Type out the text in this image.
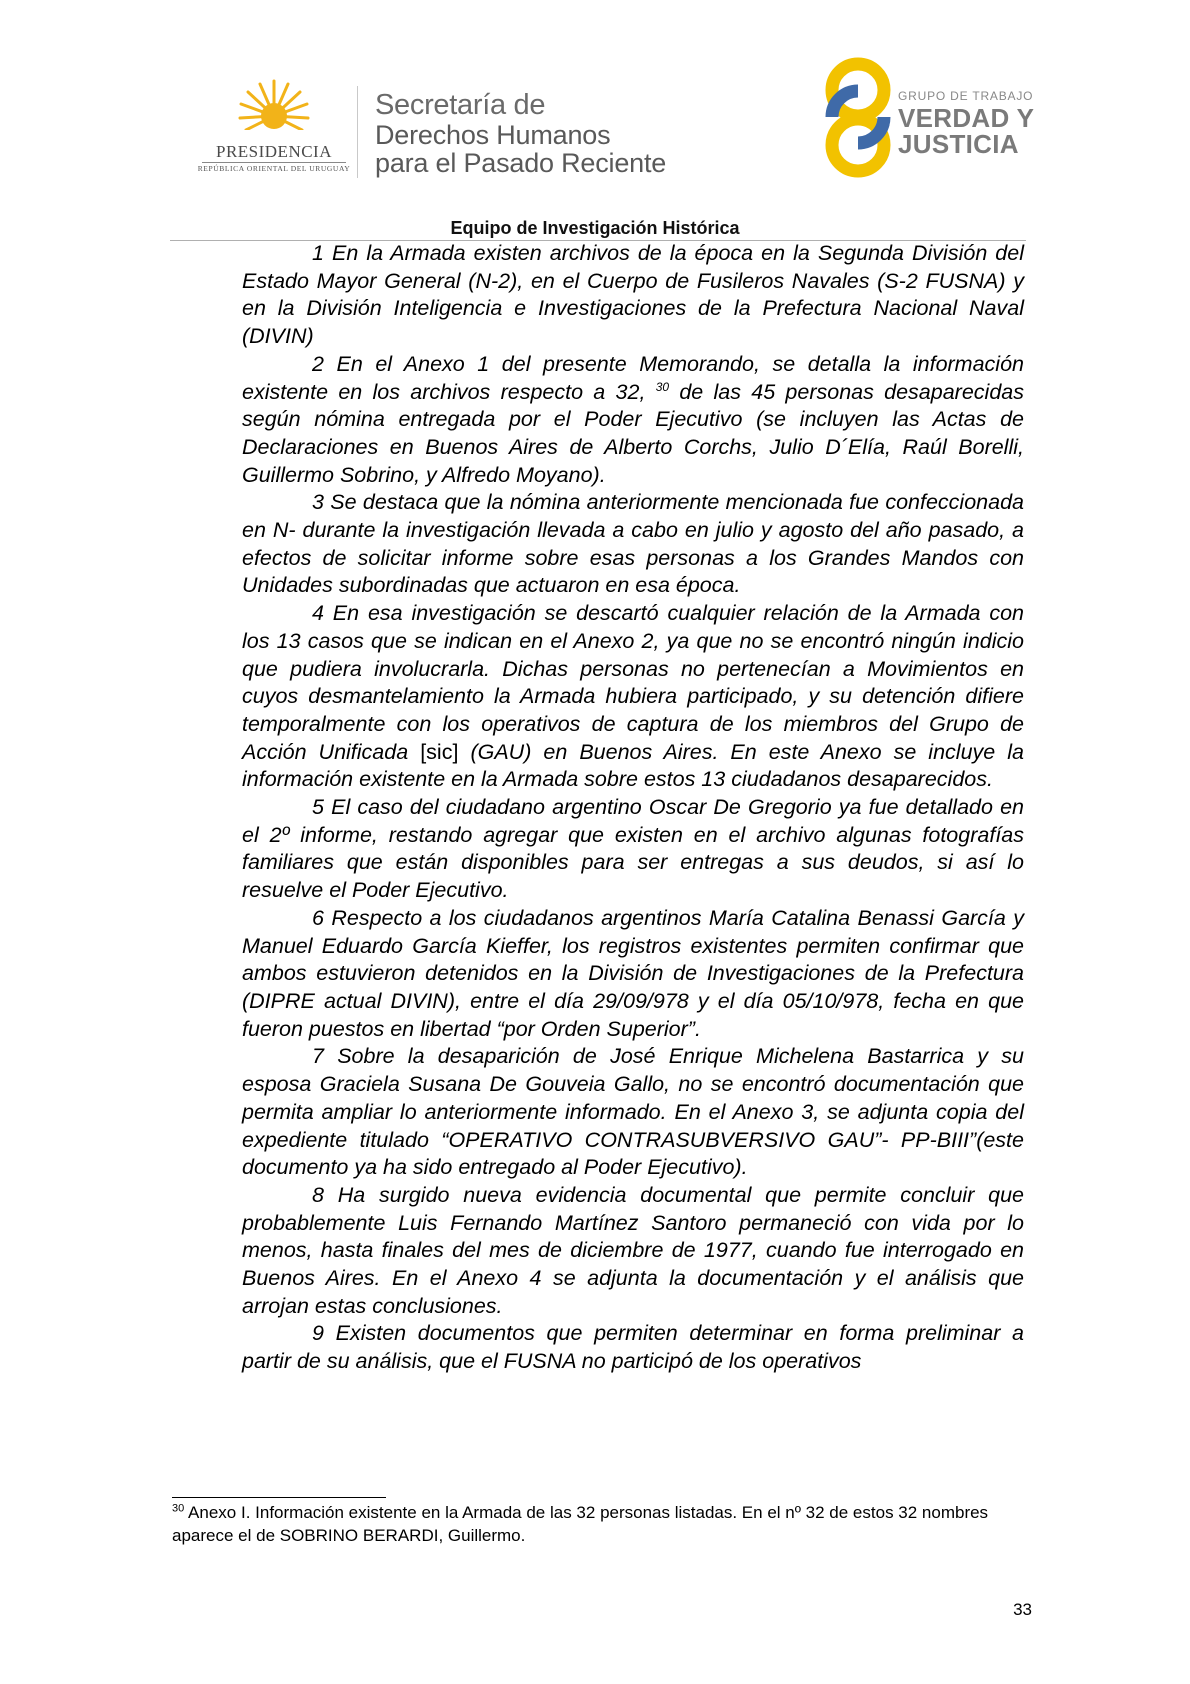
PRESIDENCIA
REPÚBLICA ORIENTAL DEL URUGUAY
Secretaría de
Derechos Humanos
para el Pasado Reciente
GRUPO DE TRABAJO
VERDAD Y
JUSTICIA
Equipo de Investigación Histórica

1 En la Armada existen archivos de la época en la Segunda División del Estado Mayor General (N-2), en el Cuerpo de Fusileros Navales (S-2 FUSNA) y en la División Inteligencia e Investigaciones de la Prefectura Nacional Naval (DIVIN)

2 En el Anexo 1 del presente Memorando, se detalla la información existente en los archivos respecto a 32, $^{30}$ de las 45 personas desaparecidas según nómina entregada por el Poder Ejecutivo (se incluyen las Actas de Declaraciones en Buenos Aires de Alberto Corchs, Julio D´Elía, Raúl Borelli, Guillermo Sobrino, y Alfredo Moyano).

3 Se destaca que la nómina anteriormente mencionada fue confeccionada en N- durante la investigación llevada a cabo en julio y agosto del año pasado, a efectos de solicitar informe sobre esas personas a los Grandes Mandos con Unidades subordinadas que actuaron en esa época.

4 En esa investigación se descartó cualquier relación de la Armada con los 13 casos que se indican en el Anexo 2, ya que no se encontró ningún indicio que pudiera involucrarla. Dichas personas no pertenecían a Movimientos en cuyos desmantelamiento la Armada hubiera participado, y su detención difiere temporalmente con los operativos de captura de los miembros del Grupo de Acción Unificada [sic] (GAU) en Buenos Aires. En este Anexo se incluye la información existente en la Armada sobre estos 13 ciudadanos desaparecidos.

5 El caso del ciudadano argentino Oscar De Gregorio ya fue detallado en el 2º informe, restando agregar que existen en el archivo algunas fotografías familiares que están disponibles para ser entregas a sus deudos, si así lo resuelve el Poder Ejecutivo.

6 Respecto a los ciudadanos argentinos María Catalina Benassi García y Manuel Eduardo García Kieffer, los registros existentes permiten confirmar que ambos estuvieron detenidos en la División de Investigaciones de la Prefectura (DIPRE actual DIVIN), entre el día 29/09/978 y el día 05/10/978, fecha en que fueron puestos en libertad “por Orden Superior”.

7 Sobre la desaparición de José Enrique Michelena Bastarrica y su esposa Graciela Susana De Gouveia Gallo, no se encontró documentación que permita ampliar lo anteriormente informado. En el Anexo 3, se adjunta copia del expediente titulado “OPERATIVO CONTRASUBVERSIVO GAU”- PP-BIII”(este documento ya ha sido entregado al Poder Ejecutivo).

8 Ha surgido nueva evidencia documental que permite concluir que probablemente Luis Fernando Martínez Santoro permaneció con vida por lo menos, hasta finales del mes de diciembre de 1977, cuando fue interrogado en Buenos Aires. En el Anexo 4 se adjunta la documentación y el análisis que arrojan estas conclusiones.

9 Existen documentos que permiten determinar en forma preliminar a partir de su análisis, que el FUSNA no participó de los operativos

$^{30}$ Anexo I. Información existente en la Armada de las 32 personas listadas. En el nº 32 de estos 32 nombres aparece el de SOBRINO BERARDI, Guillermo.
33
